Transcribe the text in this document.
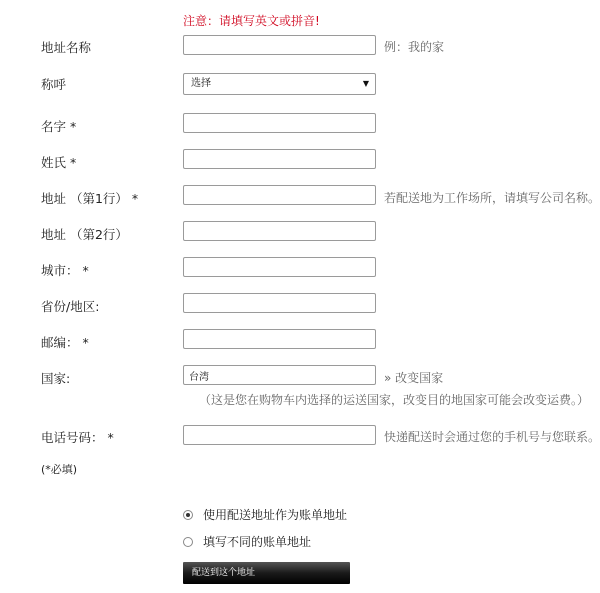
注意：请填写英文或拼音!
地址名称	例：我的家
称呼	选择	▼
名字 *
姓氏 *
地址 （第1行） *	若配送地为工作场所，请填写公司名称。
地址 （第2行）
城市： *
省份/地区:
邮编： *
国家:
台湾	» 改变国家
（这是您在购物车内选择的运送国家，改变目的地国家可能会改变运费。）
电话号码： *	快递配送时会通过您的手机号与您联系。
(*必填)
使用配送地址作为账单地址
填写不同的账单地址
配送到这个地址
